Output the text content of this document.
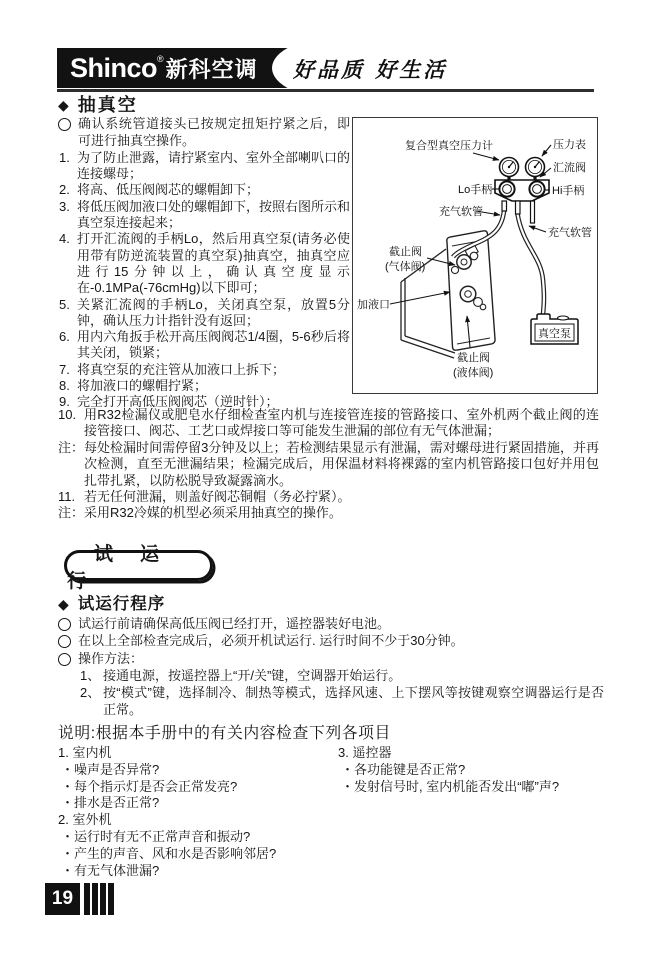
Shinco ® 新科空调 好品质 好生活
◆ 抽真空
确认系统管道接头已按规定扭矩拧紧之后，即可进行抽真空操作。
1. 为了防止泄露，请拧紧室内、室外全部喇叭口的连接螺母；
2. 将高、低压阀阀芯的螺帽卸下；
3. 将低压阀加液口处的螺帽卸下，按照右图所示和真空泵连接起来；
4. 打开汇流阀的手柄Lo，然后用真空泵(请务必使用带有防逆流装置的真空泵)抽真空，抽真空应进行15分钟以上，确认真空度显示在-0.1MPa(-76cmHg)以下即可；
5. 关紧汇流阀的手柄Lo，关闭真空泵，放置5分钟，确认压力计指针没有返回；
6. 用内六角扳手松开高压阀阀芯1/4圈，5-6秒后将其关闭，锁紧；
7. 将真空泵的充注管从加液口上拆下；
8. 将加液口的螺帽拧紧；
9. 完全打开高低压阀阀芯（逆时针）；
真空泵
复合型真空压力计	压力表
汇流阀
Lo手柄	Hi手柄
充气软管
充气软管
截止阀
(气体阀)
加液口
截止阀
(液体阀)
10. 用R32检漏仪或肥皂水仔细检查室内机与连接管连接的管路接口、室外机两个截止阀的连接管接口、阀芯、工艺口或焊接口等可能发生泄漏的部位有无气体泄漏；
注： 每处检漏时间需停留3分钟及以上；若检测结果显示有泄漏，需对螺母进行紧固措施，并再次检测，直至无泄漏结果；检漏完成后，用保温材料将裸露的室内机管路接口包好并用包扎带扎紧，以防松脱导致凝露滴水。
11. 若无任何泄漏，则盖好阀芯铜帽（务必拧紧）。
注： 采用R32冷媒的机型必须采用抽真空的操作。
试运行
◆ 试运行程序
试运行前请确保高低压阀已经打开，遥控器装好电池。
在以上全部检查完成后，必须开机试运行. 运行时间不少于30分钟。
操作方法：
1、 接通电源，按遥控器上“开/关”键，空调器开始运行。
2、 按“模式”键，选择制冷、制热等模式，选择风速、上下摆风等按键观察空调器运行是否正常。
说明:根据本手册中的有关内容检查下列各项目
1. 室内机
・噪声是否异常?
・每个指示灯是否会正常发亮?
・排水是否正常?
2. 室外机
・运行时有无不正常声音和振动?
・产生的声音、风和水是否影响邻居?
・有无气体泄漏?
3. 遥控器
・各功能键是否正常?
・发射信号时, 室内机能否发出“嘟”声?
19
